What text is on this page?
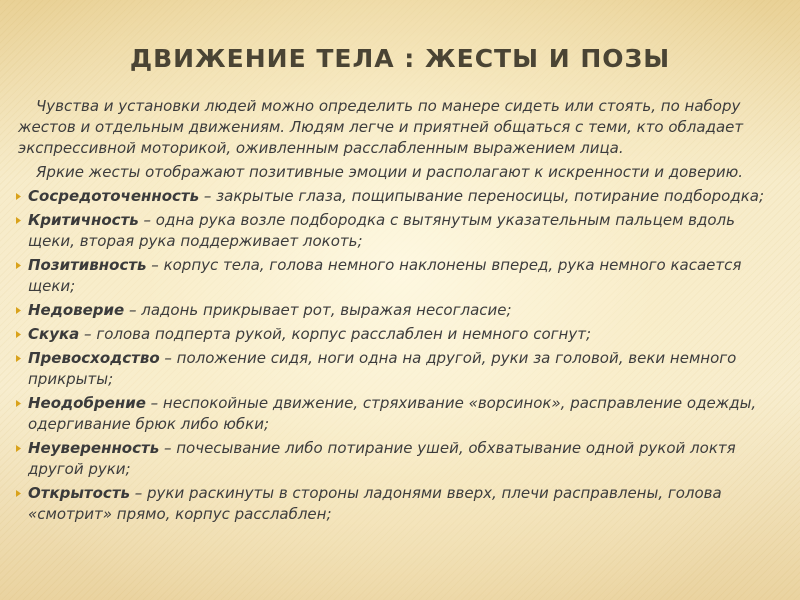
ДВИЖЕНИЕ ТЕЛА : ЖЕСТЫ И ПОЗЫ

Чувства и установки людей можно определить по манере сидеть или стоять, по набору жестов и отдельным движениям. Людям легче и приятней общаться с теми, кто обладает экспрессивной моторикой, оживленным расслабленным выражением лица.

Яркие жесты отображают позитивные эмоции и располагают к искренности и доверию.

Сосредоточенность – закрытые глаза, пощипывание переносицы, потирание подбородка;
Критичность – одна рука возле подбородка с вытянутым указательным пальцем вдоль щеки, вторая рука поддерживает локоть;
Позитивность – корпус тела, голова немного наклонены вперед, рука немного касается щеки;
Недоверие – ладонь прикрывает рот, выражая несогласие;
Скука – голова подперта рукой, корпус расслаблен и немного согнут;
Превосходство – положение сидя, ноги одна на другой, руки за головой, веки немного прикрыты;
Неодобрение – неспокойные движение, стряхивание «ворсинок», расправление одежды, одергивание брюк либо юбки;
Неуверенность – почесывание либо потирание ушей, обхватывание одной рукой локтя другой руки;
Открытость – руки раскинуты в стороны ладонями вверх, плечи расправлены, голова «смотрит» прямо, корпус расслаблен;
